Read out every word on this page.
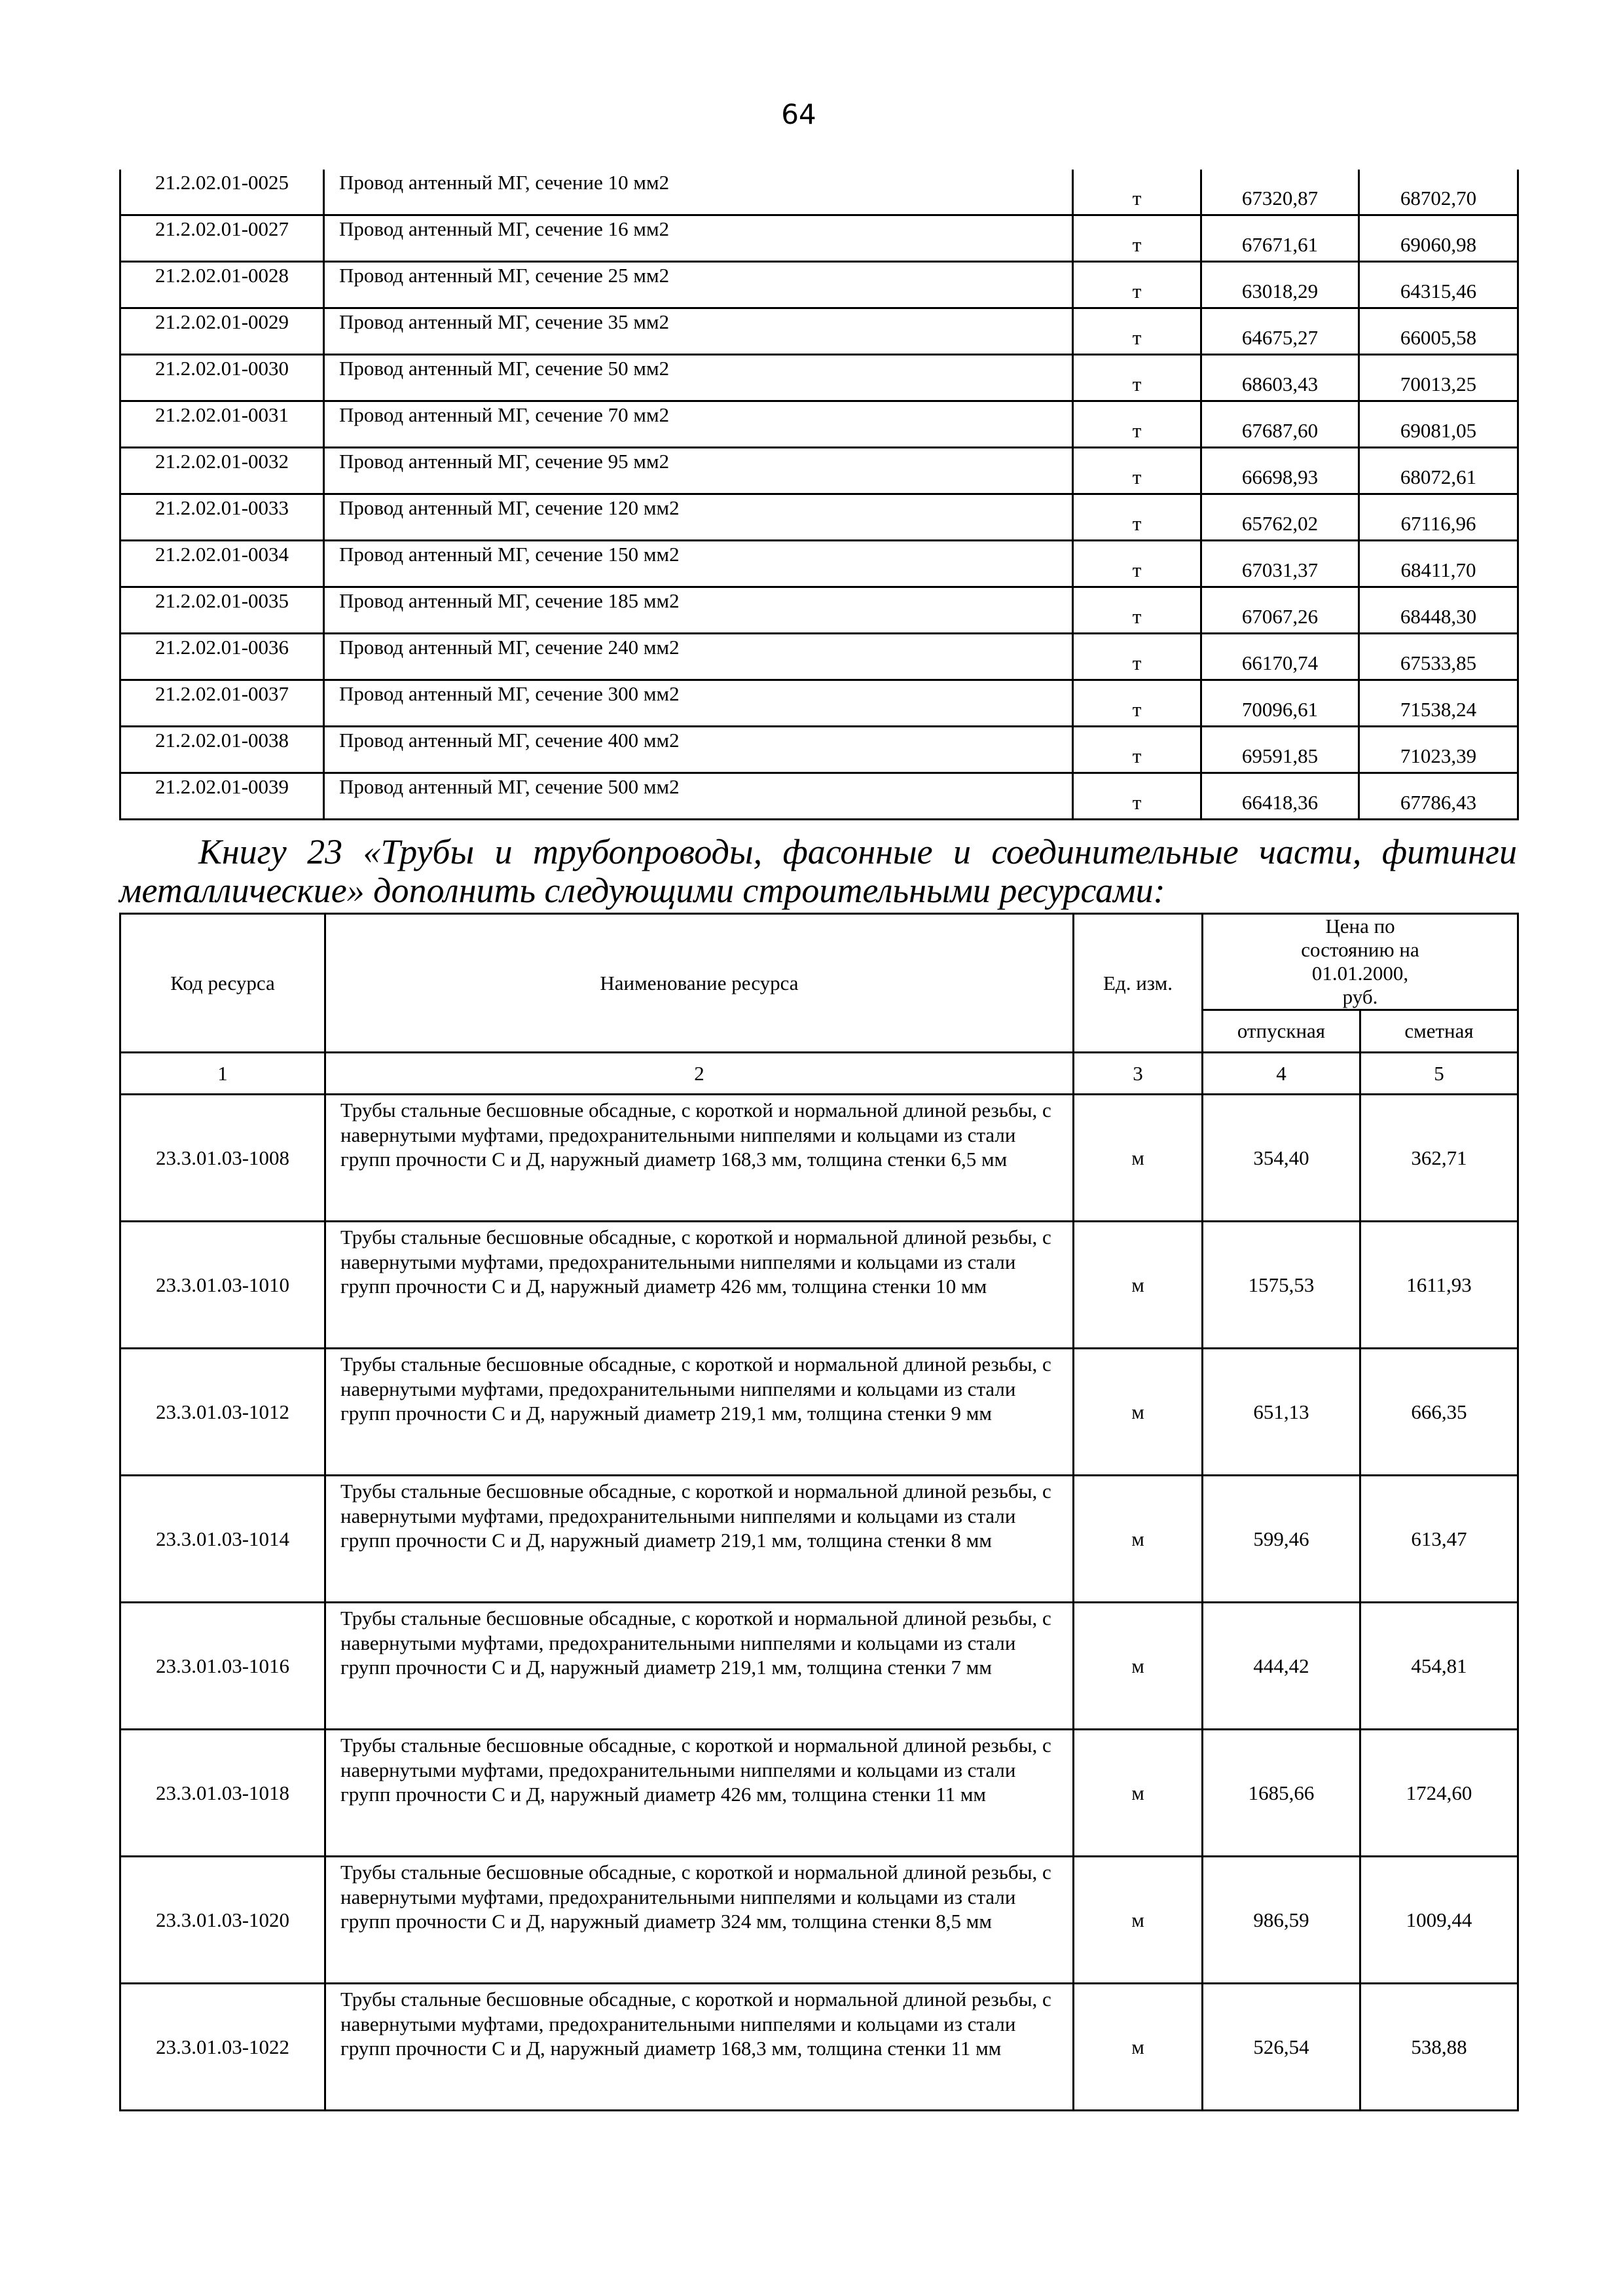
64
21.2.02.01-0025	Провод антенный МГ, сечение 10 мм2	т	67320,87	68702,70
21.2.02.01-0027	Провод антенный МГ, сечение 16 мм2	т	67671,61	69060,98
21.2.02.01-0028	Провод антенный МГ, сечение 25 мм2	т	63018,29	64315,46
21.2.02.01-0029	Провод антенный МГ, сечение 35 мм2	т	64675,27	66005,58
21.2.02.01-0030	Провод антенный МГ, сечение 50 мм2	т	68603,43	70013,25
21.2.02.01-0031	Провод антенный МГ, сечение 70 мм2	т	67687,60	69081,05
21.2.02.01-0032	Провод антенный МГ, сечение 95 мм2	т	66698,93	68072,61
21.2.02.01-0033	Провод антенный МГ, сечение 120 мм2	т	65762,02	67116,96
21.2.02.01-0034	Провод антенный МГ, сечение 150 мм2	т	67031,37	68411,70
21.2.02.01-0035	Провод антенный МГ, сечение 185 мм2	т	67067,26	68448,30
21.2.02.01-0036	Провод антенный МГ, сечение 240 мм2	т	66170,74	67533,85
21.2.02.01-0037	Провод антенный МГ, сечение 300 мм2	т	70096,61	71538,24
21.2.02.01-0038	Провод антенный МГ, сечение 400 мм2	т	69591,85	71023,39
21.2.02.01-0039	Провод антенный МГ, сечение 500 мм2	т	66418,36	67786,43

Книгу 23 «Трубы и трубопроводы, фасонные и соединительные части, фитинги металлические» дополнить следующими строительными ресурсами:

Код ресурса	Наименование ресурса	Ед. изм.	Цена по состоянию на 01.01.2000, руб.	
			отпускная	сметная
1	2	3	4	5
23.3.01.03-1008	Трубы стальные бесшовные обсадные, с короткой и нормальной длиной резьбы, с навернутыми муфтами, предохранительными ниппелями и кольцами из стали групп прочности С и Д, наружный диаметр 168,3 мм, толщина стенки 6,5 мм	м	354,40	362,71
23.3.01.03-1010	Трубы стальные бесшовные обсадные, с короткой и нормальной длиной резьбы, с навернутыми муфтами, предохранительными ниппелями и кольцами из стали групп прочности С и Д, наружный диаметр 426 мм, толщина стенки 10 мм	м	1575,53	1611,93
23.3.01.03-1012	Трубы стальные бесшовные обсадные, с короткой и нормальной длиной резьбы, с навернутыми муфтами, предохранительными ниппелями и кольцами из стали групп прочности С и Д, наружный диаметр 219,1 мм, толщина стенки 9 мм	м	651,13	666,35
23.3.01.03-1014	Трубы стальные бесшовные обсадные, с короткой и нормальной длиной резьбы, с навернутыми муфтами, предохранительными ниппелями и кольцами из стали групп прочности С и Д, наружный диаметр 219,1 мм, толщина стенки 8 мм	м	599,46	613,47
23.3.01.03-1016	Трубы стальные бесшовные обсадные, с короткой и нормальной длиной резьбы, с навернутыми муфтами, предохранительными ниппелями и кольцами из стали групп прочности С и Д, наружный диаметр 219,1 мм, толщина стенки 7 мм	м	444,42	454,81
23.3.01.03-1018	Трубы стальные бесшовные обсадные, с короткой и нормальной длиной резьбы, с навернутыми муфтами, предохранительными ниппелями и кольцами из стали групп прочности С и Д, наружный диаметр 426 мм, толщина стенки 11 мм	м	1685,66	1724,60
23.3.01.03-1020	Трубы стальные бесшовные обсадные, с короткой и нормальной длиной резьбы, с навернутыми муфтами, предохранительными ниппелями и кольцами из стали групп прочности С и Д, наружный диаметр 324 мм, толщина стенки 8,5 мм	м	986,59	1009,44
23.3.01.03-1022	Трубы стальные бесшовные обсадные, с короткой и нормальной длиной резьбы, с навернутыми муфтами, предохранительными ниппелями и кольцами из стали групп прочности С и Д, наружный диаметр 168,3 мм, толщина стенки 11 мм	м	526,54	538,88
